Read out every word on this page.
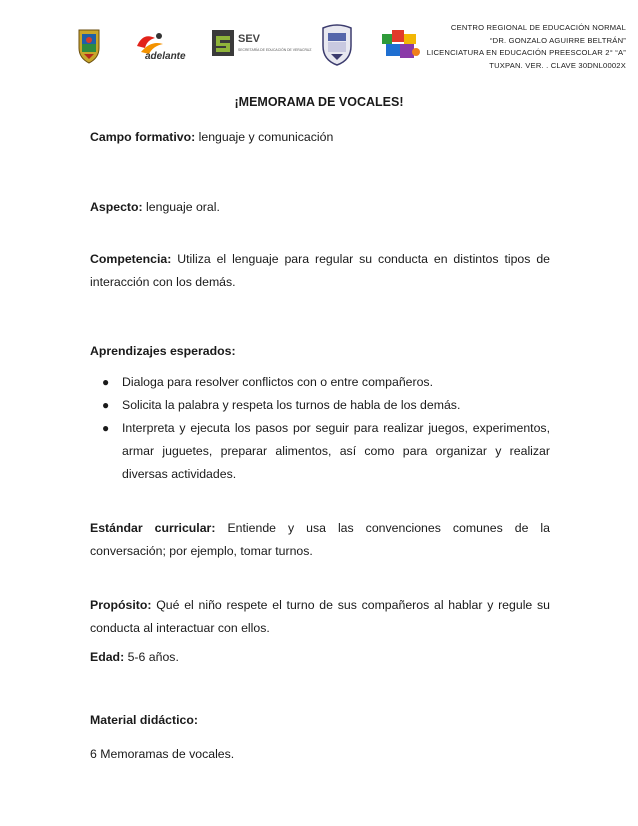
adelante
SEV
SECRETARÍA DE EDUCACIÓN DE VERACRUZ
CENTRO REGIONAL DE EDUCACIÓN NORMAL
“DR. GONZALO AGUIRRE BELTRÁN”
LICENCIATURA EN EDUCACIÓN PREESCOLAR 2° “A”
TUXPAN. VER. . CLAVE 30DNL0002X
¡MEMORAMA DE VOCALES!
Campo formativo: lenguaje y comunicación
Aspecto: lenguaje oral.
Competencia: Utiliza el lenguaje para regular su conducta en distintos tipos de interacción con los demás.
Aprendizajes esperados:
● Dialoga para resolver conflictos con o entre compañeros.
● Solicita la palabra y respeta los turnos de habla de los demás.
● Interpreta y ejecuta los pasos por seguir para realizar juegos, experimentos, armar juguetes, preparar alimentos, así como para organizar y realizar diversas actividades.
Estándar curricular: Entiende y usa las convenciones comunes de la conversación; por ejemplo, tomar turnos.
Propósito: Qué el niño respete el turno de sus compañeros al hablar y regule su conducta al interactuar con ellos.
Edad: 5-6 años.
Material didáctico:
6 Memoramas de vocales.
